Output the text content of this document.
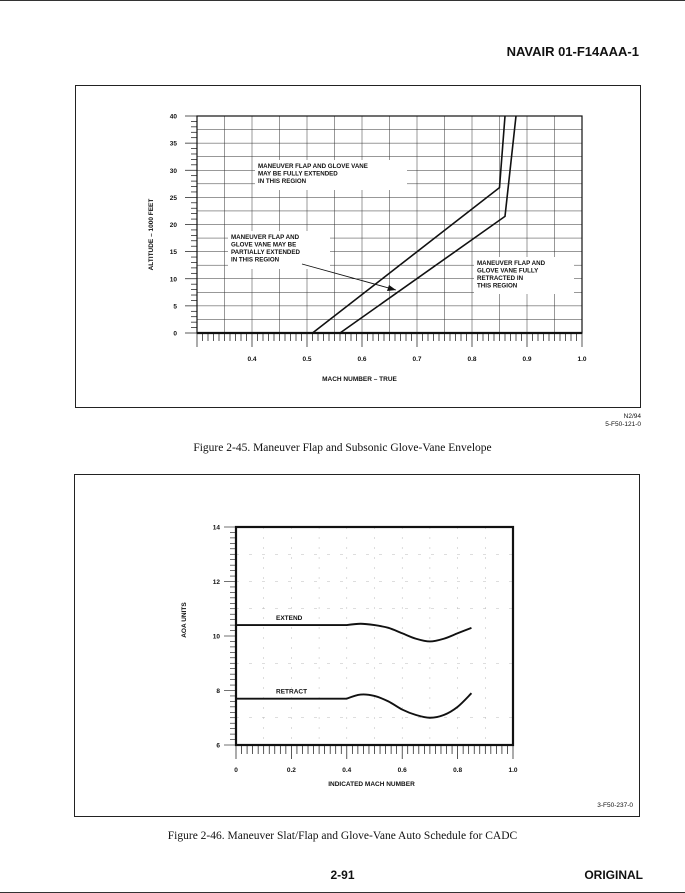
NAVAIR 01-F14AAA-1
N2/94
5-F50-121-0
Figure 2-45. Maneuver Flap and Subsonic Glove-Vane Envelope
3-F50-237-0
Figure 2-46. Maneuver Slat/Flap and Glove-Vane Auto Schedule for CADC
0.4	0.5	0.6	0.7	0.8	0.9	1.0
0
5
10
15
20
25
30
35
40
MACH NUMBER – TRUE
ALTITUDE – 1000 FEET
MANEUVER FLAP AND GLOVE VANE
MAY BE FULLY EXTENDED
IN THIS REGION
MANEUVER FLAP AND
GLOVE VANE MAY BE
PARTIALLY EXTENDED
IN THIS REGION	MANEUVER FLAP AND
GLOVE VANE FULLY
RETRACTED IN
THIS REGION
0	0.2	0.4	0.6	0.8	1.0
6
8
10
12
14
INDICATED MACH NUMBER
AOA UNITS	EXTEND
RETRACT
2-91	ORIGINAL
